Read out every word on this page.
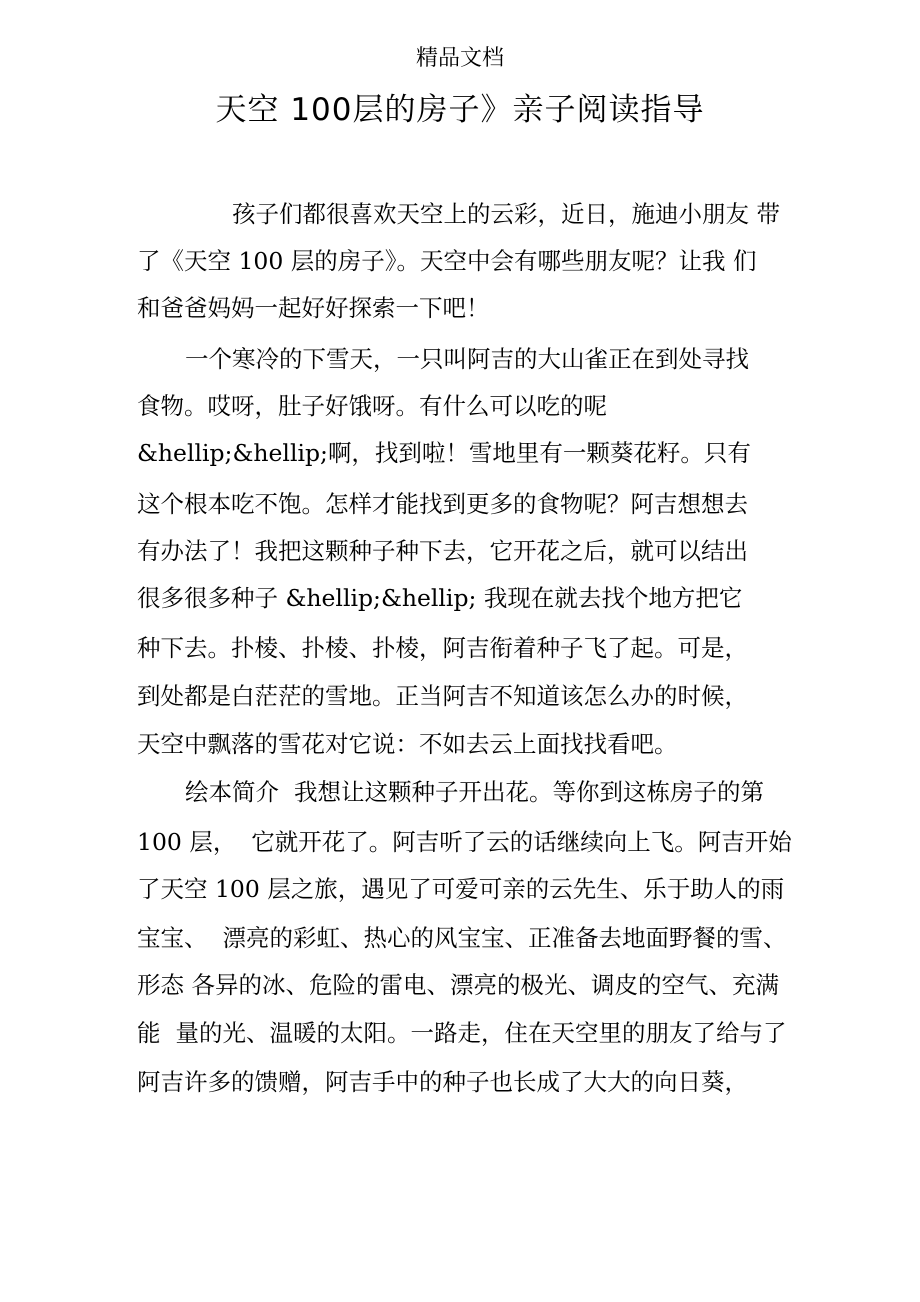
精品文档
天空 100层的房子》亲子阅读指导
孩子们都很喜欢天空上的云彩，近日，施迪小朋友 带
了《天空 100 层的房子》。天空中会有哪些朋友呢？让我 们
和爸爸妈妈一起好好探索一下吧！
一个寒冷的下雪天，一只叫阿吉的大山雀正在到处寻找
食物。哎呀，肚子好饿呀。有什么可以吃的呢
&hellip;&hellip;啊，找到啦！雪地里有一颗葵花籽。只有
这个根本吃不饱。怎样才能找到更多的食物呢？阿吉想想去
有办法了！我把这颗种子种下去，它开花之后，就可以结出
很多很多种子 &hellip;&hellip; 我现在就去找个地方把它
种下去。扑棱、扑棱、扑棱，阿吉衔着种子飞了起。可是，
到处都是白茫茫的雪地。正当阿吉不知道该怎么办的时候，
天空中飘落的雪花对它说：不如去云上面找找看吧。
绘本简介  我想让这颗种子开出花。等你到这栋房子的第
100 层，  它就开花了。阿吉听了云的话继续向上飞。阿吉开始
了天空 100 层之旅，遇见了可爱可亲的云先生、乐于助人的雨
宝宝、  漂亮的彩虹、热心的风宝宝、正准备去地面野餐的雪、
形态 各异的冰、危险的雷电、漂亮的极光、调皮的空气、充满
能  量的光、温暖的太阳。一路走，住在天空里的朋友了给与了
阿吉许多的馈赠，阿吉手中的种子也长成了大大的向日葵，
